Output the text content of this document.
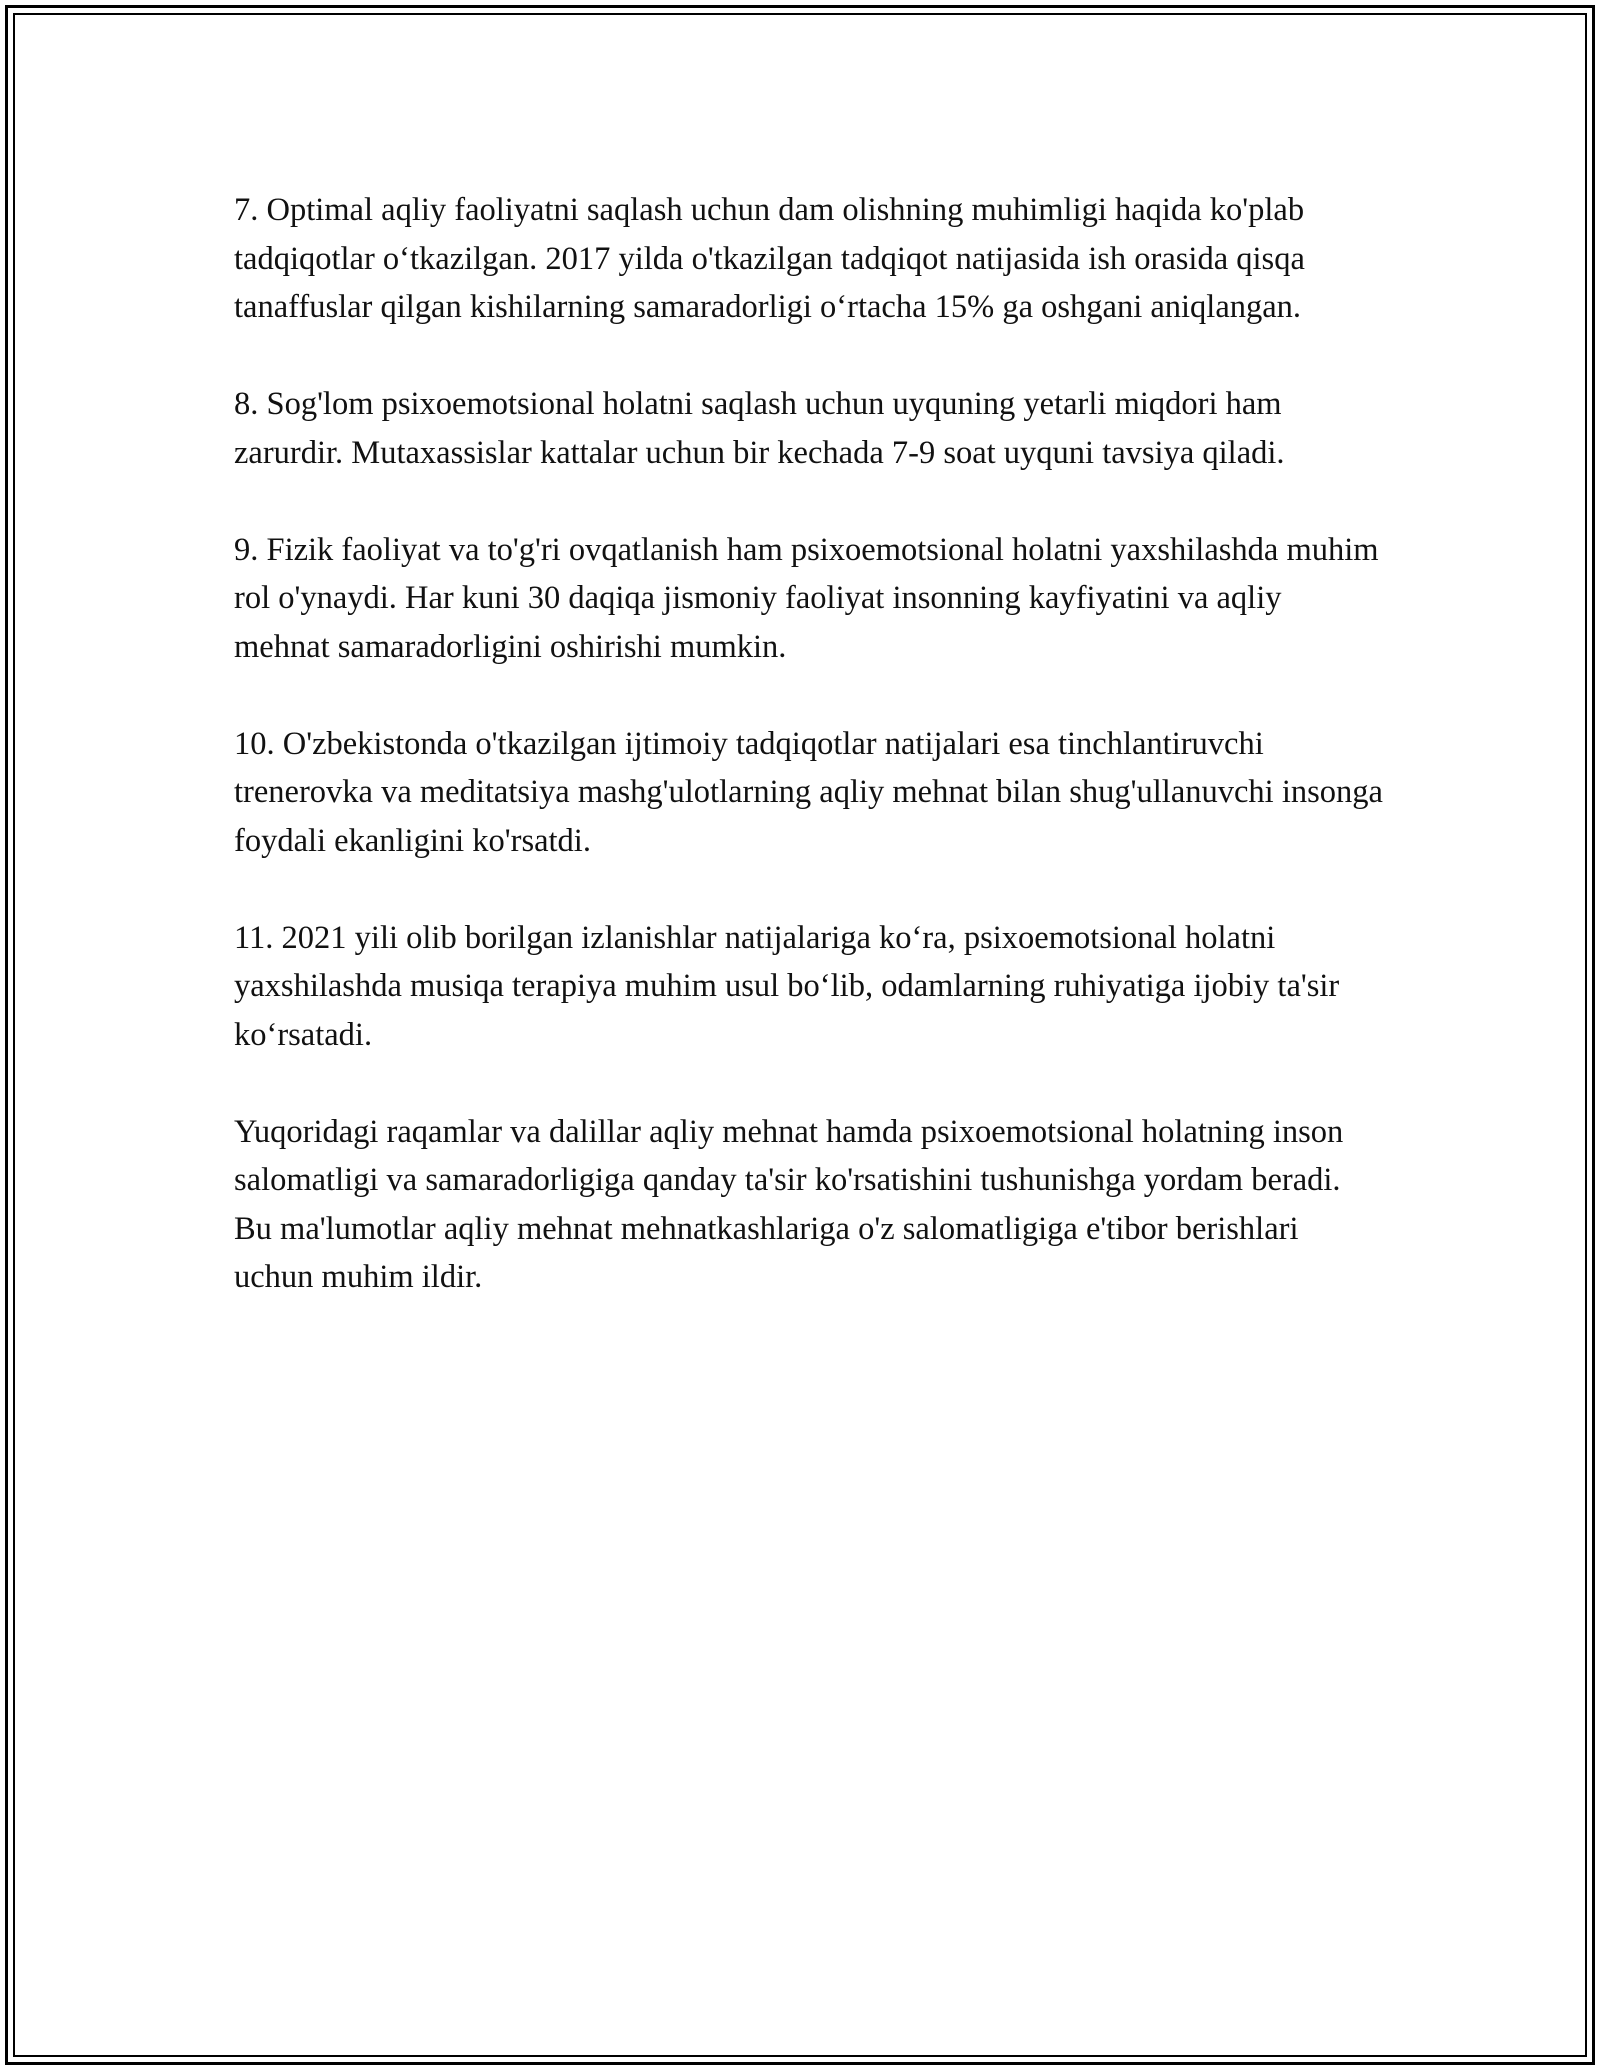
7. Optimal aqliy faoliyatni saqlash uchun dam olishning muhimligi haqida ko'plab tadqiqotlar o‘tkazilgan. 2017 yilda o'tkazilgan tadqiqot natijasida ish orasida qisqa tanaffuslar qilgan kishilarning samaradorligi o‘rtacha 15% ga oshgani aniqlangan.

8. Sog'lom psixoemotsional holatni saqlash uchun uyquning yetarli miqdori ham zarurdir. Mutaxassislar kattalar uchun bir kechada 7-9 soat uyquni tavsiya qiladi.

9. Fizik faoliyat va to'g'ri ovqatlanish ham psixoemotsional holatni yaxshilashda muhim rol o'ynaydi. Har kuni 30 daqiqa jismoniy faoliyat insonning kayfiyatini va aqliy mehnat samaradorligini oshirishi mumkin.

10. O'zbekistonda o'tkazilgan ijtimoiy tadqiqotlar natijalari esa tinchlantiruvchi trenerovka va meditatsiya mashg'ulotlarning aqliy mehnat bilan shug'ullanuvchi insonga foydali ekanligini ko'rsatdi.

11. 2021 yili olib borilgan izlanishlar natijalariga ko‘ra, psixoemotsional holatni yaxshilashda musiqa terapiya muhim usul bo‘lib, odamlarning ruhiyatiga ijobiy ta'sir ko‘rsatadi.

Yuqoridagi raqamlar va dalillar aqliy mehnat hamda psixoemotsional holatning inson salomatligi va samaradorligiga qanday ta'sir ko'rsatishini tushunishga yordam beradi. Bu ma'lumotlar aqliy mehnat mehnatkashlariga o'z salomatligiga e'tibor berishlari uchun muhim ildir.
